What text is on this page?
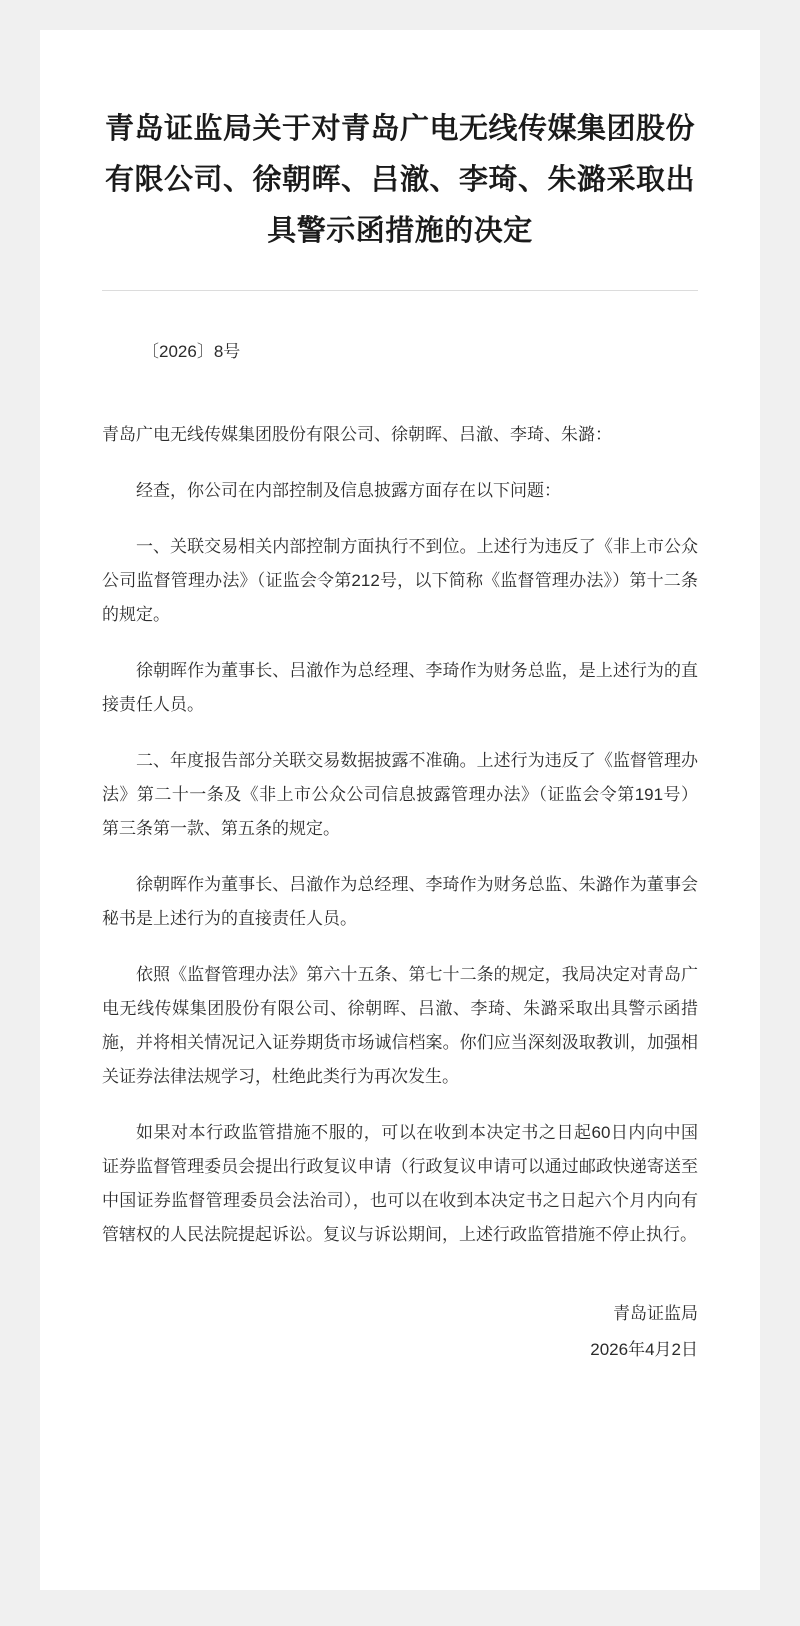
青岛证监局关于对青岛广电无线传媒集团股份有限公司、徐朝晖、吕澈、李琦、朱潞采取出具警示函措施的决定
〔2026〕8号

青岛广电无线传媒集团股份有限公司、徐朝晖、吕澈、李琦、朱潞：

经查，你公司在内部控制及信息披露方面存在以下问题：

一、关联交易相关内部控制方面执行不到位。上述行为违反了《非上市公众公司监督管理办法》（证监会令第212号，以下简称《监督管理办法》）第十二条的规定。

徐朝晖作为董事长、吕澈作为总经理、李琦作为财务总监，是上述行为的直接责任人员。

二、年度报告部分关联交易数据披露不准确。上述行为违反了《监督管理办法》第二十一条及《非上市公众公司信息披露管理办法》（证监会令第191号）第三条第一款、第五条的规定。

徐朝晖作为董事长、吕澈作为总经理、李琦作为财务总监、朱潞作为董事会秘书是上述行为的直接责任人员。

依照《监督管理办法》第六十五条、第七十二条的规定，我局决定对青岛广电无线传媒集团股份有限公司、徐朝晖、吕澈、李琦、朱潞采取出具警示函措施，并将相关情况记入证券期货市场诚信档案。你们应当深刻汲取教训，加强相关证券法律法规学习，杜绝此类行为再次发生。

如果对本行政监管措施不服的，可以在收到本决定书之日起60日内向中国证券监督管理委员会提出行政复议申请（行政复议申请可以通过邮政快递寄送至中国证券监督管理委员会法治司），也可以在收到本决定书之日起六个月内向有管辖权的人民法院提起诉讼。复议与诉讼期间，上述行政监管措施不停止执行。

青岛证监局
2026年4月2日
